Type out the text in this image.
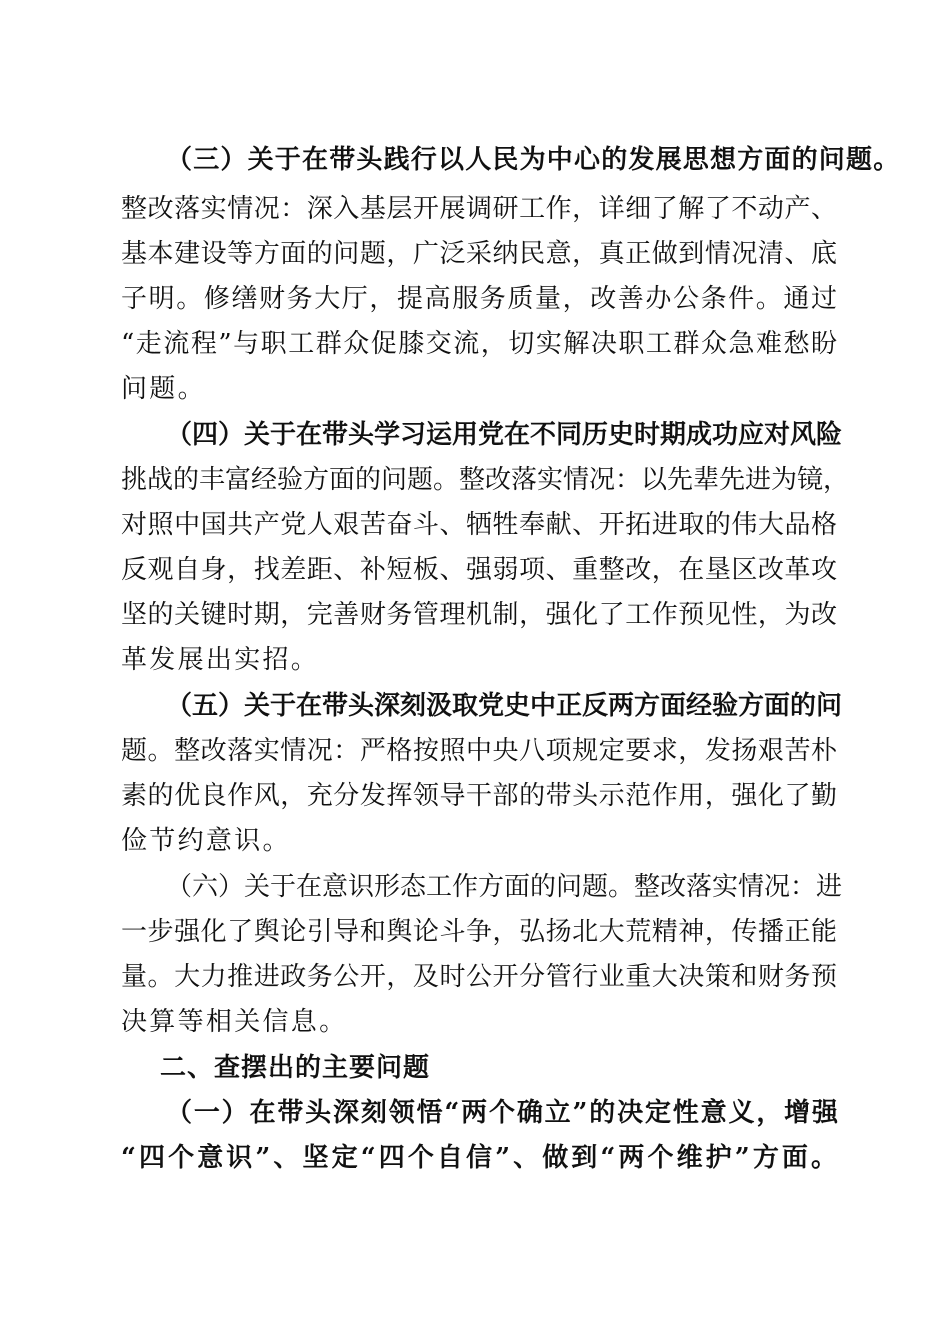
（三）关于在带头践行以人民为中心的发展思想方面的问题。
整改落实情况：深入基层开展调研工作，详细了解了不动产、
基本建设等方面的问题，广泛采纳民意，真正做到情况清、底
子明。修缮财务大厅，提高服务质量，改善办公条件。通过
“走流程”与职工群众促膝交流，切实解决职工群众急难愁盼
问题。
（四）关于在带头学习运用党在不同历史时期成功应对风险
挑战的丰富经验方面的问题。整改落实情况：以先辈先进为镜，
对照中国共产党人艰苦奋斗、牺牲奉献、开拓进取的伟大品格
反观自身，找差距、补短板、强弱项、重整改，在垦区改革攻
坚的关键时期，完善财务管理机制，强化了工作预见性，为改
革发展出实招。
（五）关于在带头深刻汲取党史中正反两方面经验方面的问
题。整改落实情况：严格按照中央八项规定要求，发扬艰苦朴
素的优良作风，充分发挥领导干部的带头示范作用，强化了勤
俭节约意识。
（六）关于在意识形态工作方面的问题。整改落实情况：进
一步强化了舆论引导和舆论斗争，弘扬北大荒精神，传播正能
量。大力推进政务公开，及时公开分管行业重大决策和财务预
决算等相关信息。
二、查摆出的主要问题
（一）在带头深刻领悟“两个确立”的决定性意义，增强
“四个意识”、坚定“四个自信”、做到“两个维护”方面。
